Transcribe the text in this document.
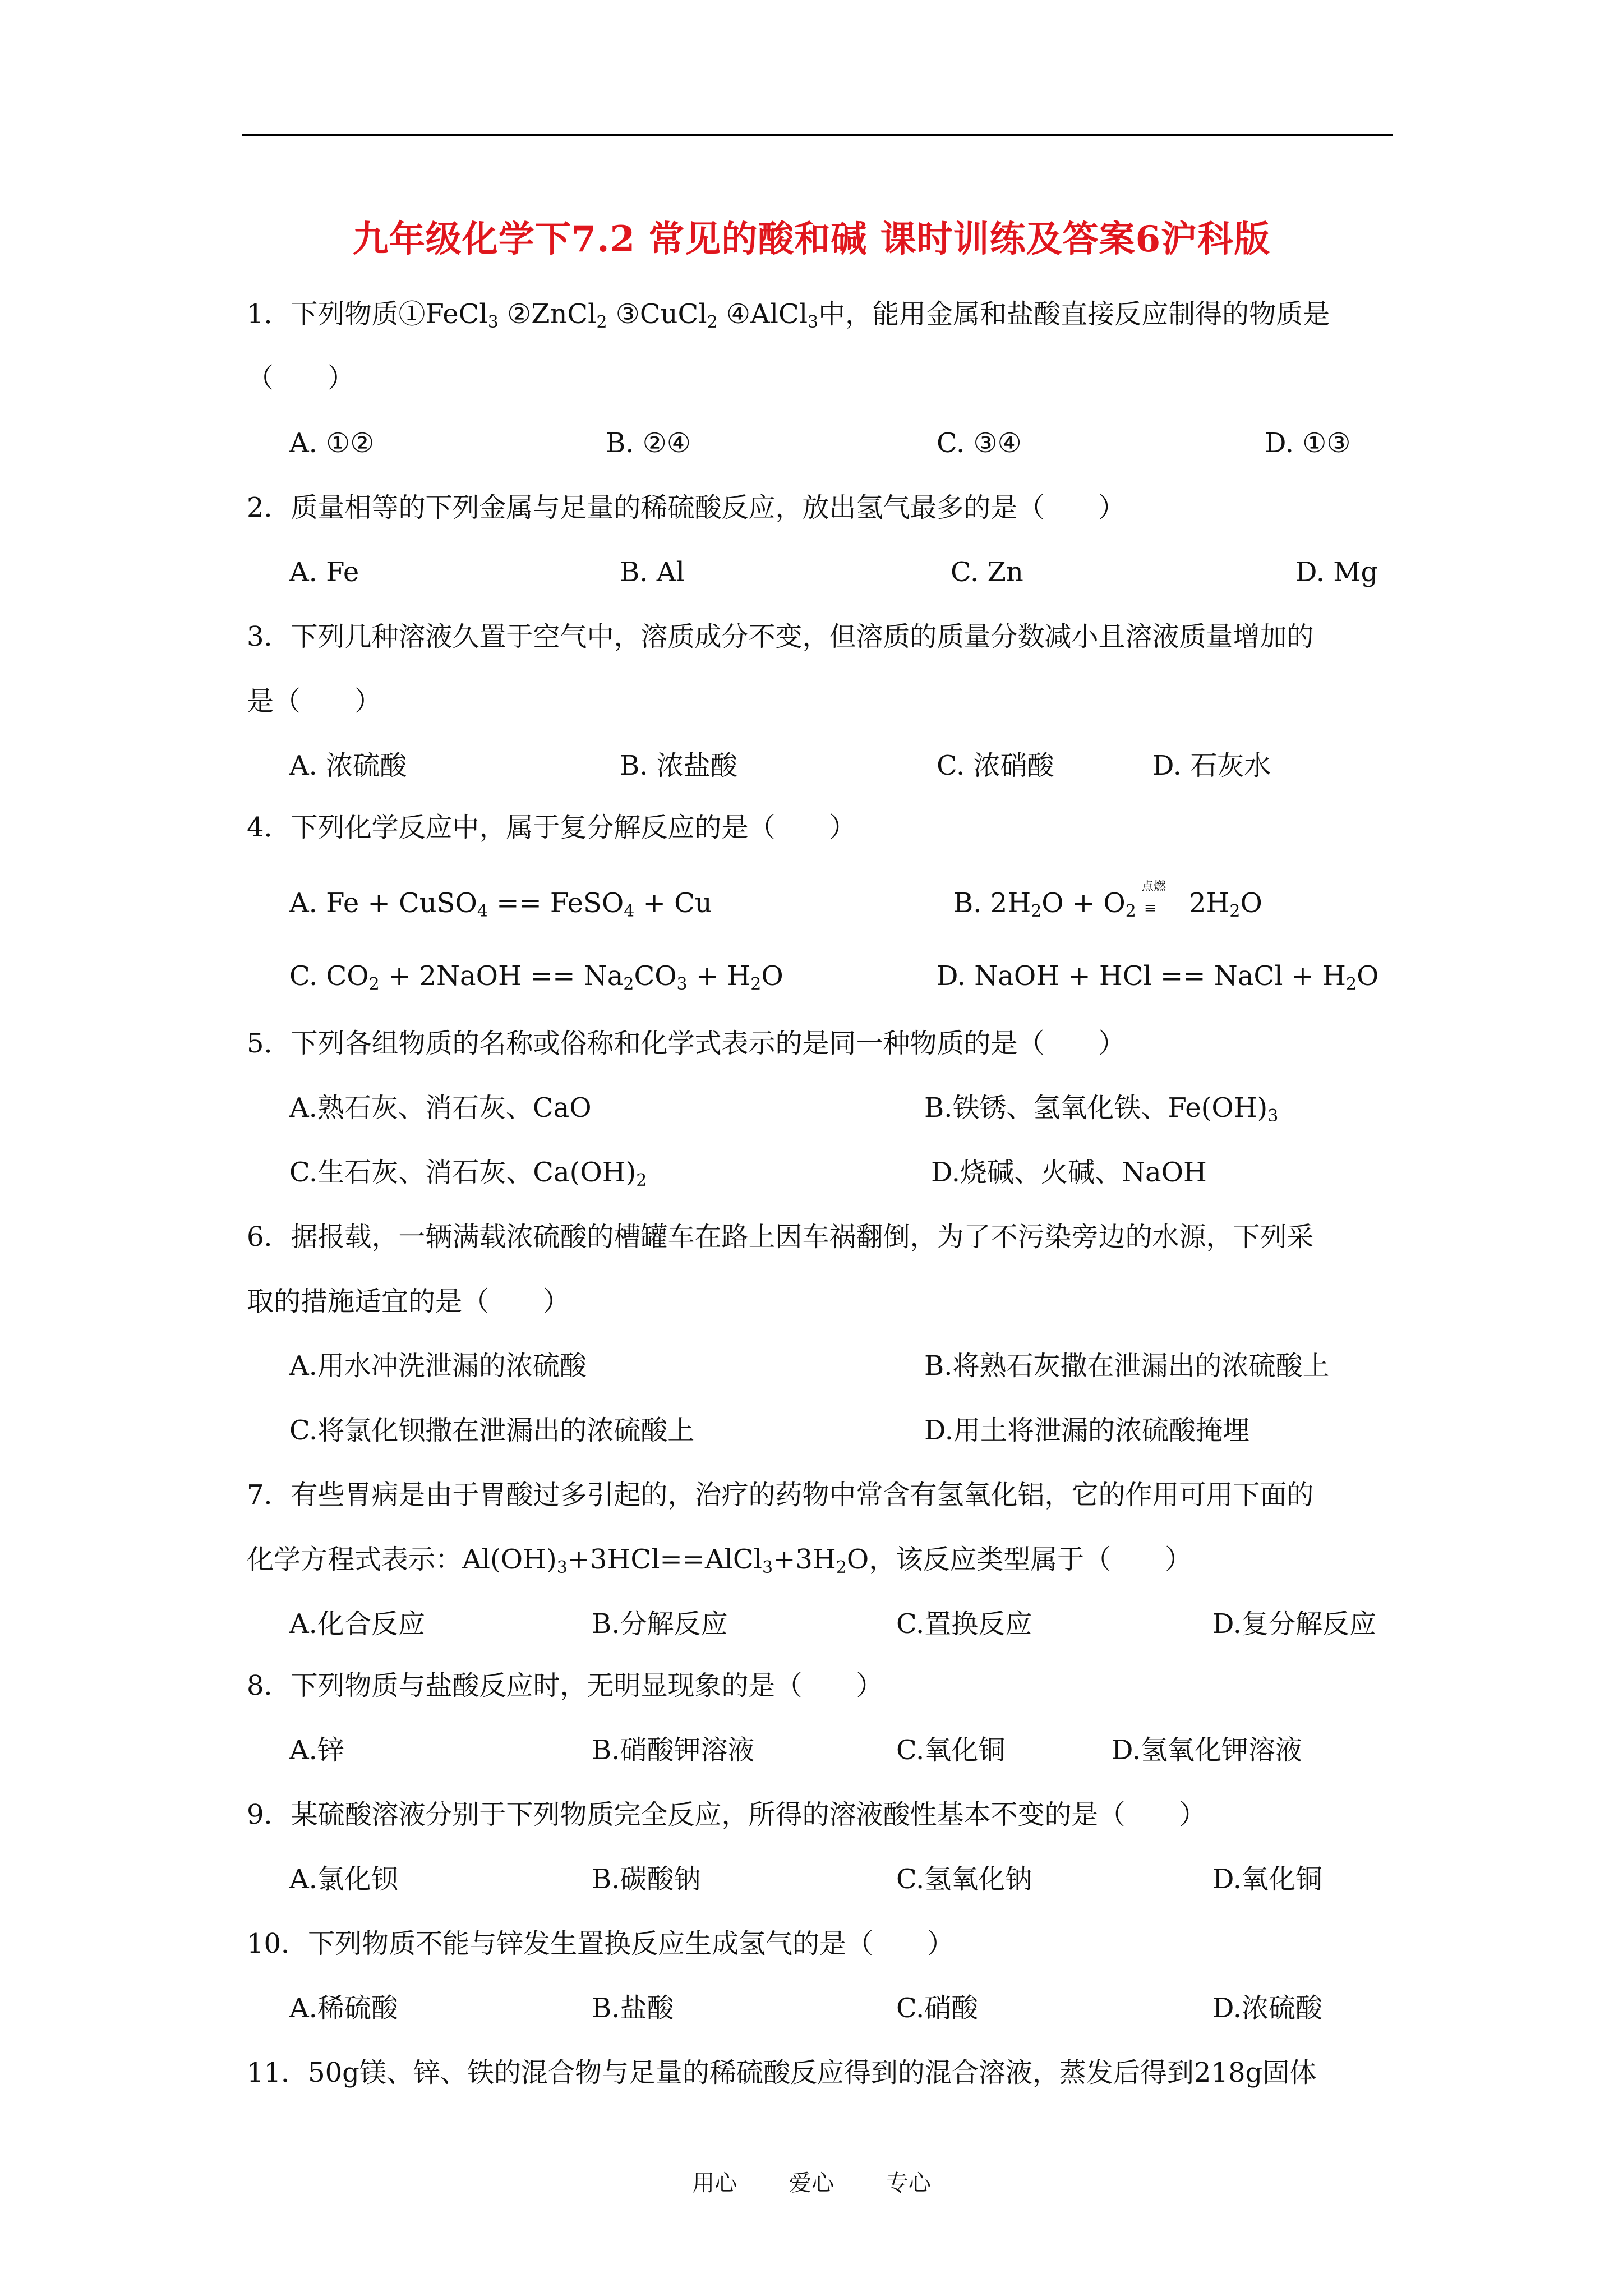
九年级化学下7.2 常见的酸和碱 课时训练及答案6沪科版
1．下列物质①FeCl$_3$ ②ZnCl$_2$ ③CuCl$_2$ ④AlCl$_3$中，能用金属和盐酸直接反应制得的物质是
（　　）
A. ①②	B. ②④	C. ③④	D. ①③
2．质量相等的下列金属与足量的稀硫酸反应，放出氢气最多的是（　　）
A. Fe	B. Al	C. Zn	D. Mg
3．下列几种溶液久置于空气中，溶质成分不变，但溶质的质量分数减小且溶液质量增加的
是（　　）
A. 浓硫酸	B. 浓盐酸	C. 浓硝酸	D. 石灰水
4．下列化学反应中，属于复分解反应的是（　　）
A. Fe + CuSO$_4$ == FeSO$_4$ + Cu	B. $2H_2O + O_2$
点燃
≡ $2H_2O$
C. $CO_2$ + 2NaOH == $Na_2CO_3 + H_2O$	D. NaOH + HCl == NaCl + $H_2O$
5．下列各组物质的名称或俗称和化学式表示的是同一种物质的是（　　）
A.熟石灰、消石灰、CaO	B.铁锈、氢氧化铁、$Fe(OH)_3$
C.生石灰、消石灰、$Ca(OH)_2$	D.烧碱、火碱、NaOH
6．据报载，一辆满载浓硫酸的槽罐车在路上因车祸翻倒，为了不污染旁边的水源，下列采
取的措施适宜的是（　　）
A.用水冲洗泄漏的浓硫酸	B.将熟石灰撒在泄漏出的浓硫酸上
C.将氯化钡撒在泄漏出的浓硫酸上	D.用土将泄漏的浓硫酸掩埋
7．有些胃病是由于胃酸过多引起的，治疗的药物中常含有氢氧化铝，它的作用可用下面的
化学方程式表示：$Al(OH)_3+3HCl==AlCl_3+3H_2O$，该反应类型属于（　　）
A.化合反应	B.分解反应	C.置换反应	D.复分解反应
8．下列物质与盐酸反应时，无明显现象的是（　　）
A.锌	B.硝酸钾溶液	C.氧化铜	D.氢氧化钾溶液
9．某硫酸溶液分别于下列物质完全反应，所得的溶液酸性基本不变的是（　　）
A.氯化钡	B.碳酸钠	C.氢氧化钠	D.氧化铜
10．下列物质不能与锌发生置换反应生成氢气的是（　　）
A.稀硫酸	B.盐酸	C.硝酸	D.浓硫酸
11．50g镁、锌、铁的混合物与足量的稀硫酸反应得到的混合溶液，蒸发后得到218g固体
用心 爱心 专心
